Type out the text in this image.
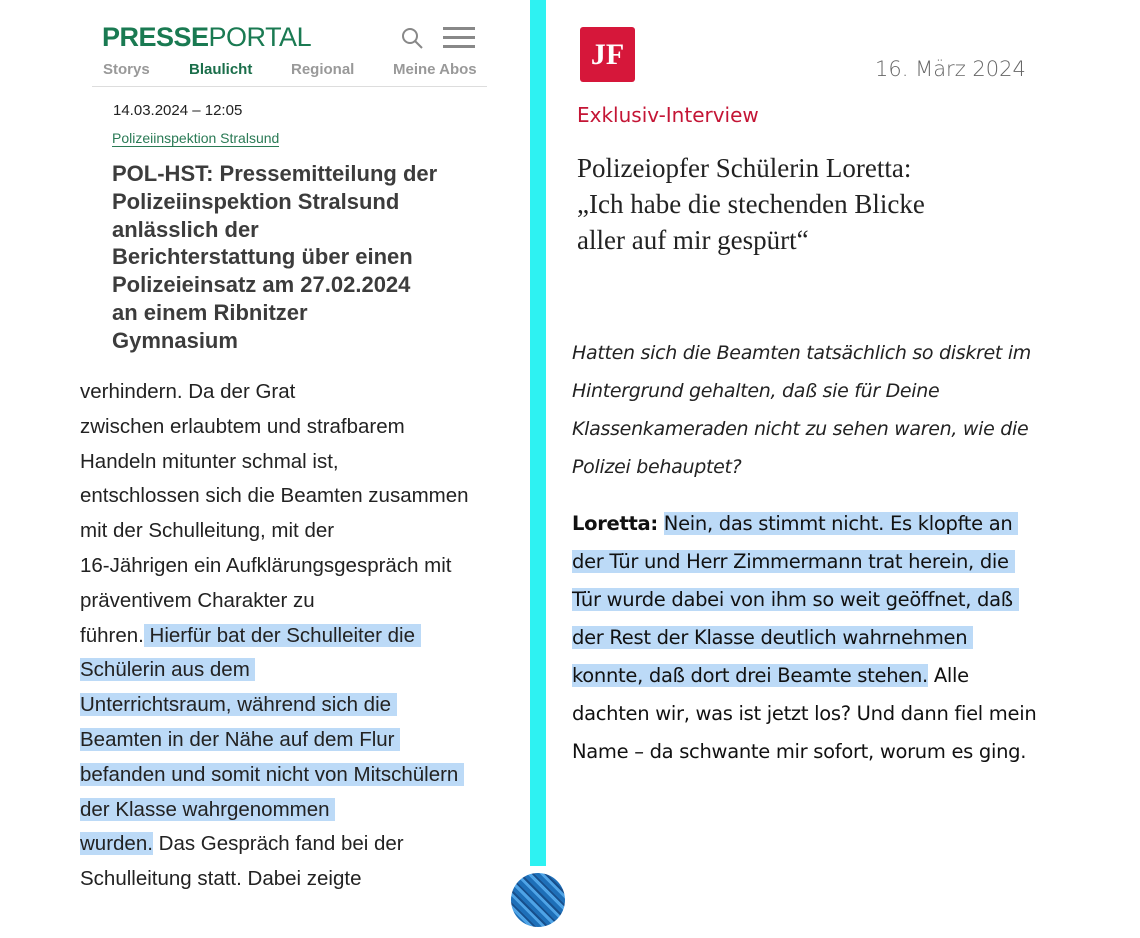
PRESSEPORTAL
Storys	Blaulicht	Regional	Meine Abos
14.03.2024 – 12:05
Polizeiinspektion Stralsund
POL-HST: Pressemitteilung der
Polizeiinspektion Stralsund
anlässlich der
Berichterstattung über einen
Polizeieinsatz am 27.02.2024
an einem Ribnitzer
Gymnasium
verhindern. Da der Grat
zwischen erlaubtem und strafbarem
Handeln mitunter schmal ist,
entschlossen sich die Beamten zusammen
mit der Schulleitung, mit der
16-Jährigen ein Aufklärungsgespräch mit
präventivem Charakter zu
führen. Hierfür bat der Schulleiter die
Schülerin aus dem
Unterrichtsraum, während sich die
Beamten in der Nähe auf dem Flur
befanden und somit nicht von Mitschülern
der Klasse wahrgenommen
wurden. Das Gespräch fand bei der
Schulleitung statt. Dabei zeigte
JF	16. März 2024
Exklusiv-Interview
Polizeiopfer Schülerin Loretta:
„Ich habe die stechenden Blicke
aller auf mir gespürt“
Hatten sich die Beamten tatsächlich so diskret im
Hintergrund gehalten, daß sie für Deine
Klassenkameraden nicht zu sehen waren, wie die
Polizei behauptet?
Loretta: Nein, das stimmt nicht. Es klopfte an
der Tür und Herr Zimmermann trat herein, die
Tür wurde dabei von ihm so weit geöffnet, daß
der Rest der Klasse deutlich wahrnehmen
konnte, daß dort drei Beamte stehen. Alle
dachten wir, was ist jetzt los? Und dann fiel mein
Name – da schwante mir sofort, worum es ging.
